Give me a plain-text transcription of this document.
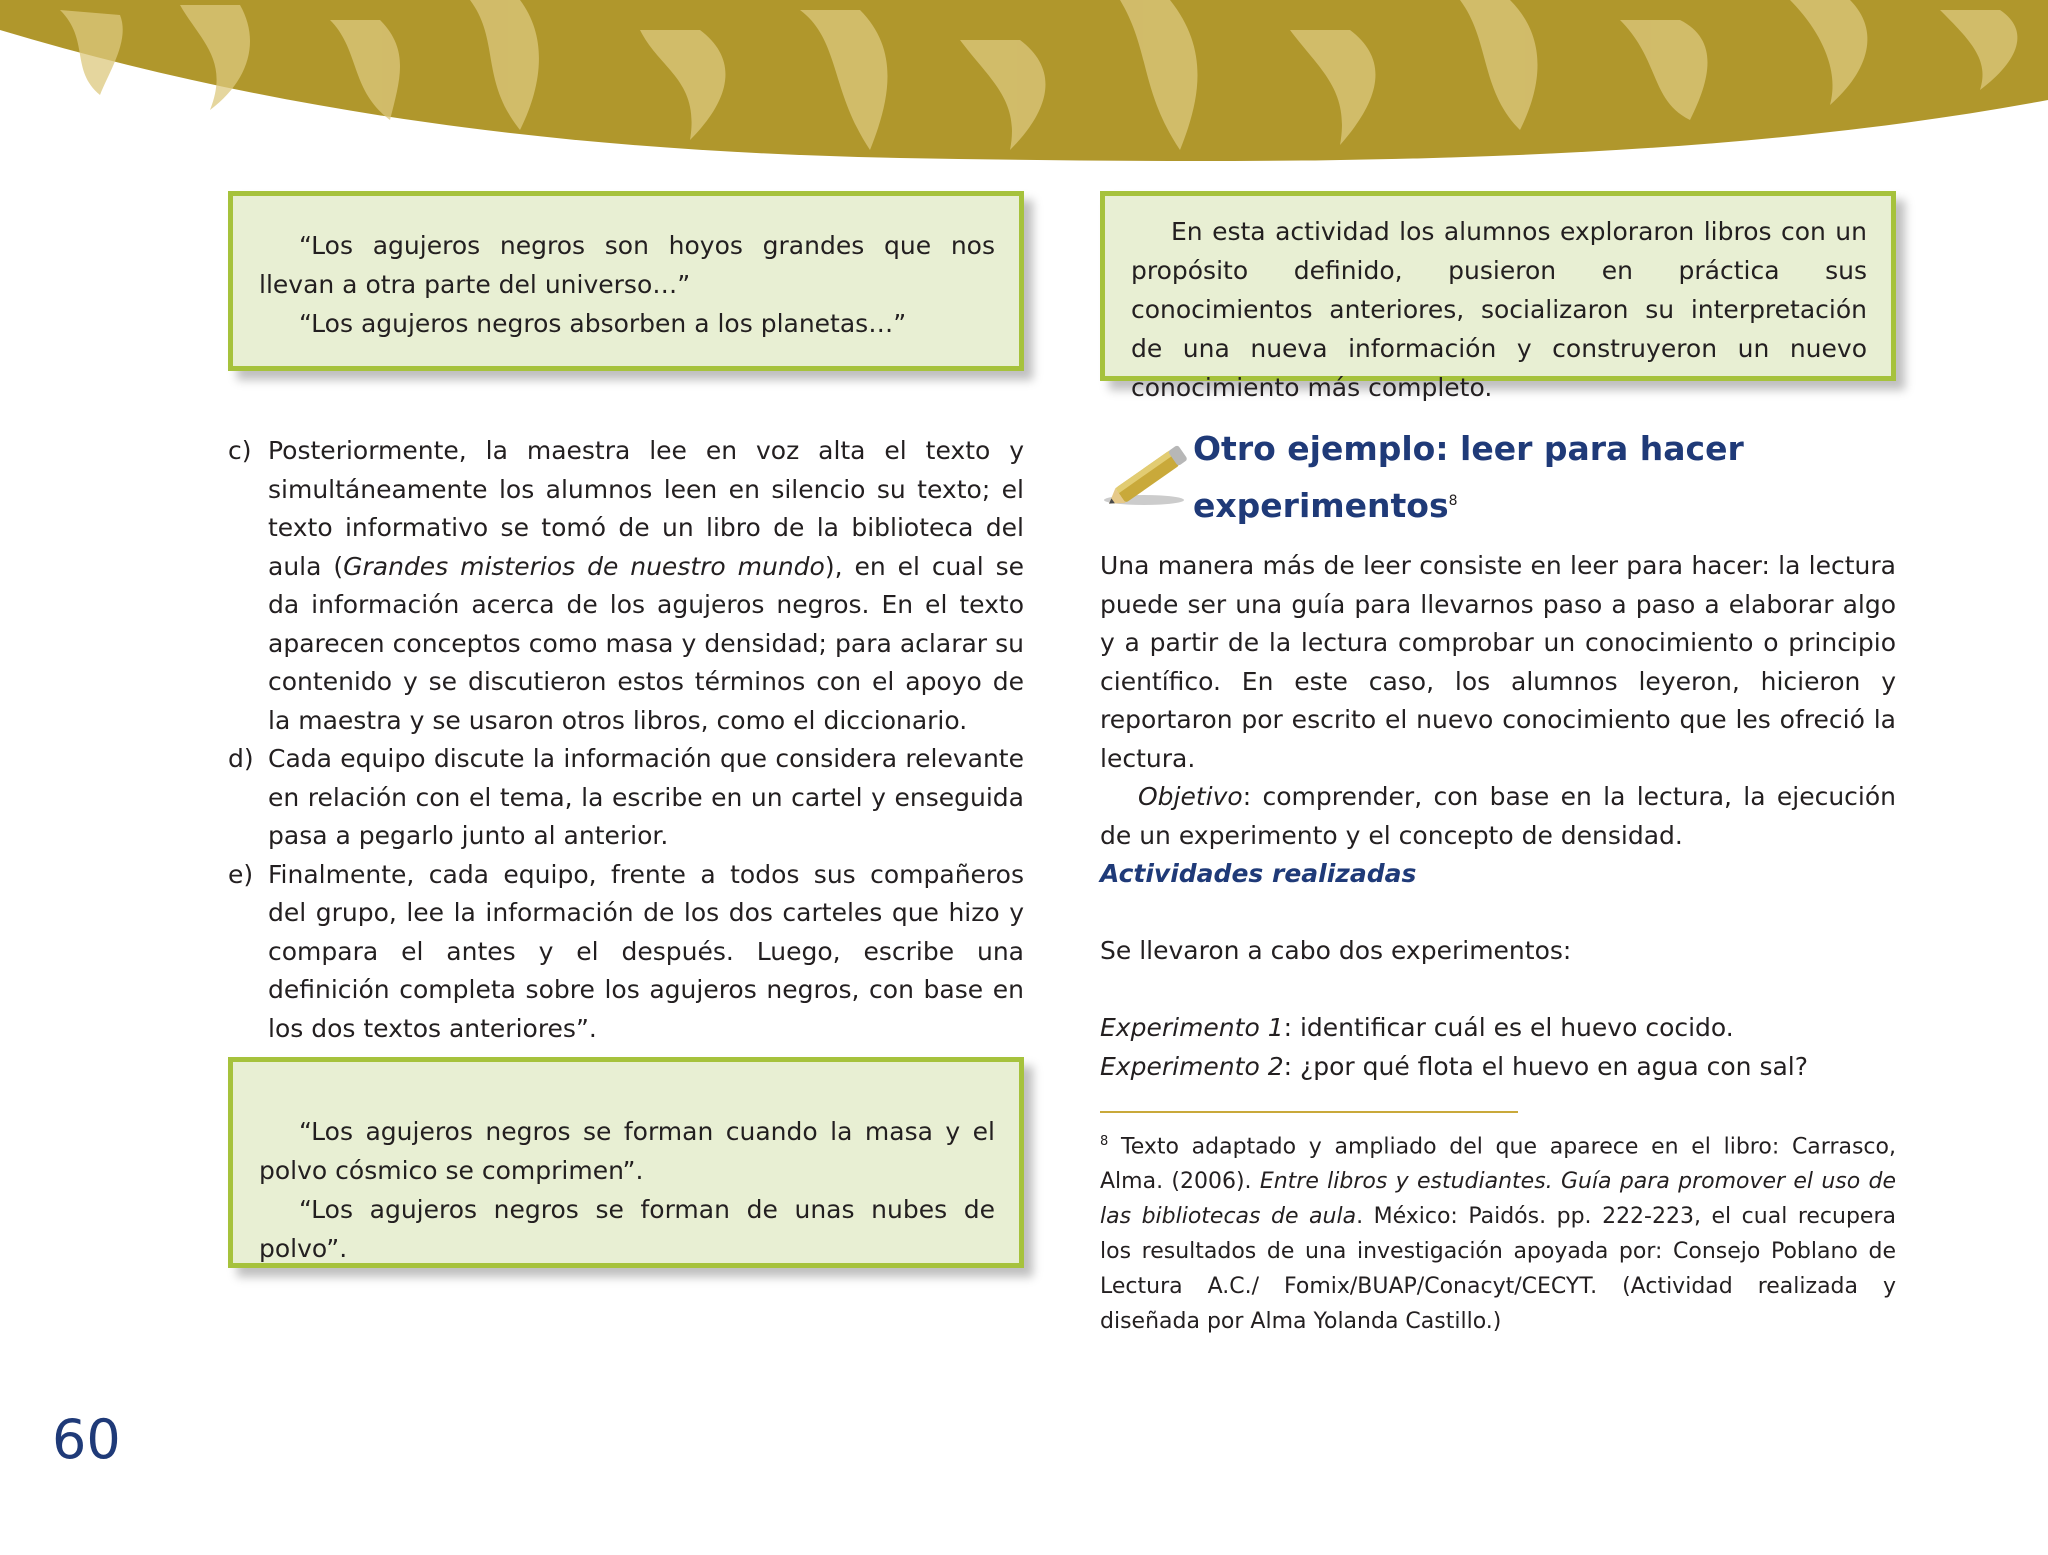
“Los agujeros negros son hoyos grandes que nos llevan a otra parte del universo…”

“Los agujeros negros absorben a los planetas…”

En esta actividad los alumnos exploraron libros con un propósito definido, pusieron en práctica sus conocimientos anteriores, socializaron su interpretación de una nueva información y construyeron un nuevo conocimiento más completo.

c) Posteriormente, la maestra lee en voz alta el texto y simultáneamente los alumnos leen en silencio su texto; el texto informativo se tomó de un libro de la biblioteca del aula (Grandes misterios de nuestro mundo), en el cual se da información acerca de los agujeros negros. En el texto aparecen conceptos como masa y densidad; para aclarar su contenido y se discutieron estos términos con el apoyo de la maestra y se usaron otros libros, como el diccionario.
d) Cada equipo discute la información que considera relevante en relación con el tema, la escribe en un cartel y enseguida pasa a pegarlo junto al anterior.
e) Finalmente, cada equipo, frente a todos sus compañeros del grupo, lee la información de los dos carteles que hizo y compara el antes y el después. Luego, escribe una definición completa sobre los agujeros negros, con base en los dos textos anteriores”.

“Los agujeros negros se forman cuando la masa y el polvo cósmico se comprimen”.

“Los agujeros negros se forman de unas nubes de polvo”.

Otro ejemplo: leer para hacer
experimentos$^8$

Una manera más de leer consiste en leer para hacer: la lectura puede ser una guía para llevarnos paso a paso a elaborar algo y a partir de la lectura comprobar un conocimiento o principio científico. En este caso, los alumnos leyeron, hicieron y reportaron por escrito el nuevo conocimiento que les ofreció la lectura.

Objetivo: comprender, con base en la lectura, la ejecución de un experimento y el concepto de densidad.

Actividades realizadas
Se llevaron a cabo dos experimentos:

Experimento 1: identificar cuál es el huevo cocido.

Experimento 2: ¿por qué flota el huevo en agua con sal?

$^8$ Texto adaptado y ampliado del que aparece en el libro: Carrasco, Alma. (2006). Entre libros y estudiantes. Guía para promover el uso de las bibliotecas de aula. México: Paidós. pp. 222-223, el cual recupera los resultados de una investigación apoyada por: Consejo Poblano de Lectura A.C./ Fomix/BUAP/Conacyt/CECYT. (Actividad realizada y diseñada por Alma Yolanda Castillo.)
60
